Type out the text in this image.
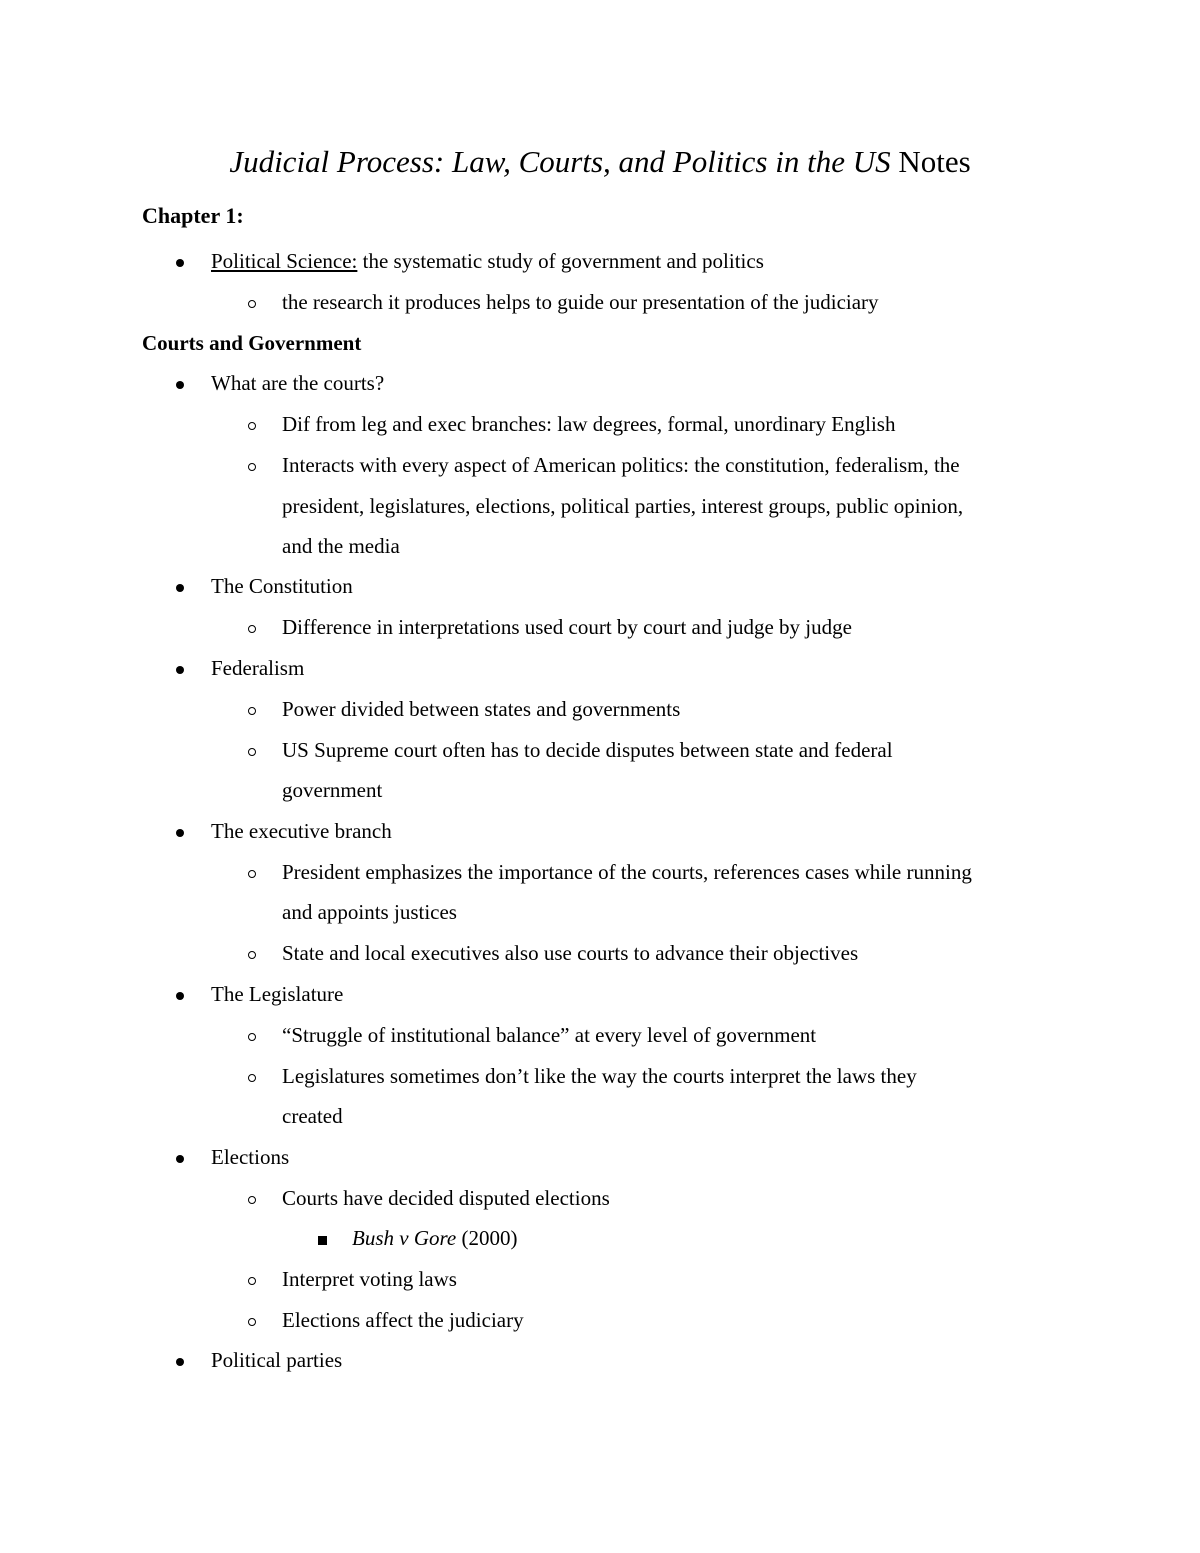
Judicial Process: Law, Courts, and Politics in the US Notes
Chapter 1:
Political Science: the systematic study of government and politics
the research it produces helps to guide our presentation of the judiciary
Courts and Government
What are the courts?
Dif from leg and exec branches: law degrees, formal, unordinary English
Interacts with every aspect of American politics: the constitution, federalism, the
president, legislatures, elections, political parties, interest groups, public opinion,
and the media
The Constitution
Difference in interpretations used court by court and judge by judge
Federalism
Power divided between states and governments
US Supreme court often has to decide disputes between state and federal
government
The executive branch
President emphasizes the importance of the courts, references cases while running
and appoints justices
State and local executives also use courts to advance their objectives
The Legislature
“Struggle of institutional balance” at every level of government
Legislatures sometimes don’t like the way the courts interpret the laws they
created
Elections
Courts have decided disputed elections
Bush v Gore (2000)
Interpret voting laws
Elections affect the judiciary
Political parties
